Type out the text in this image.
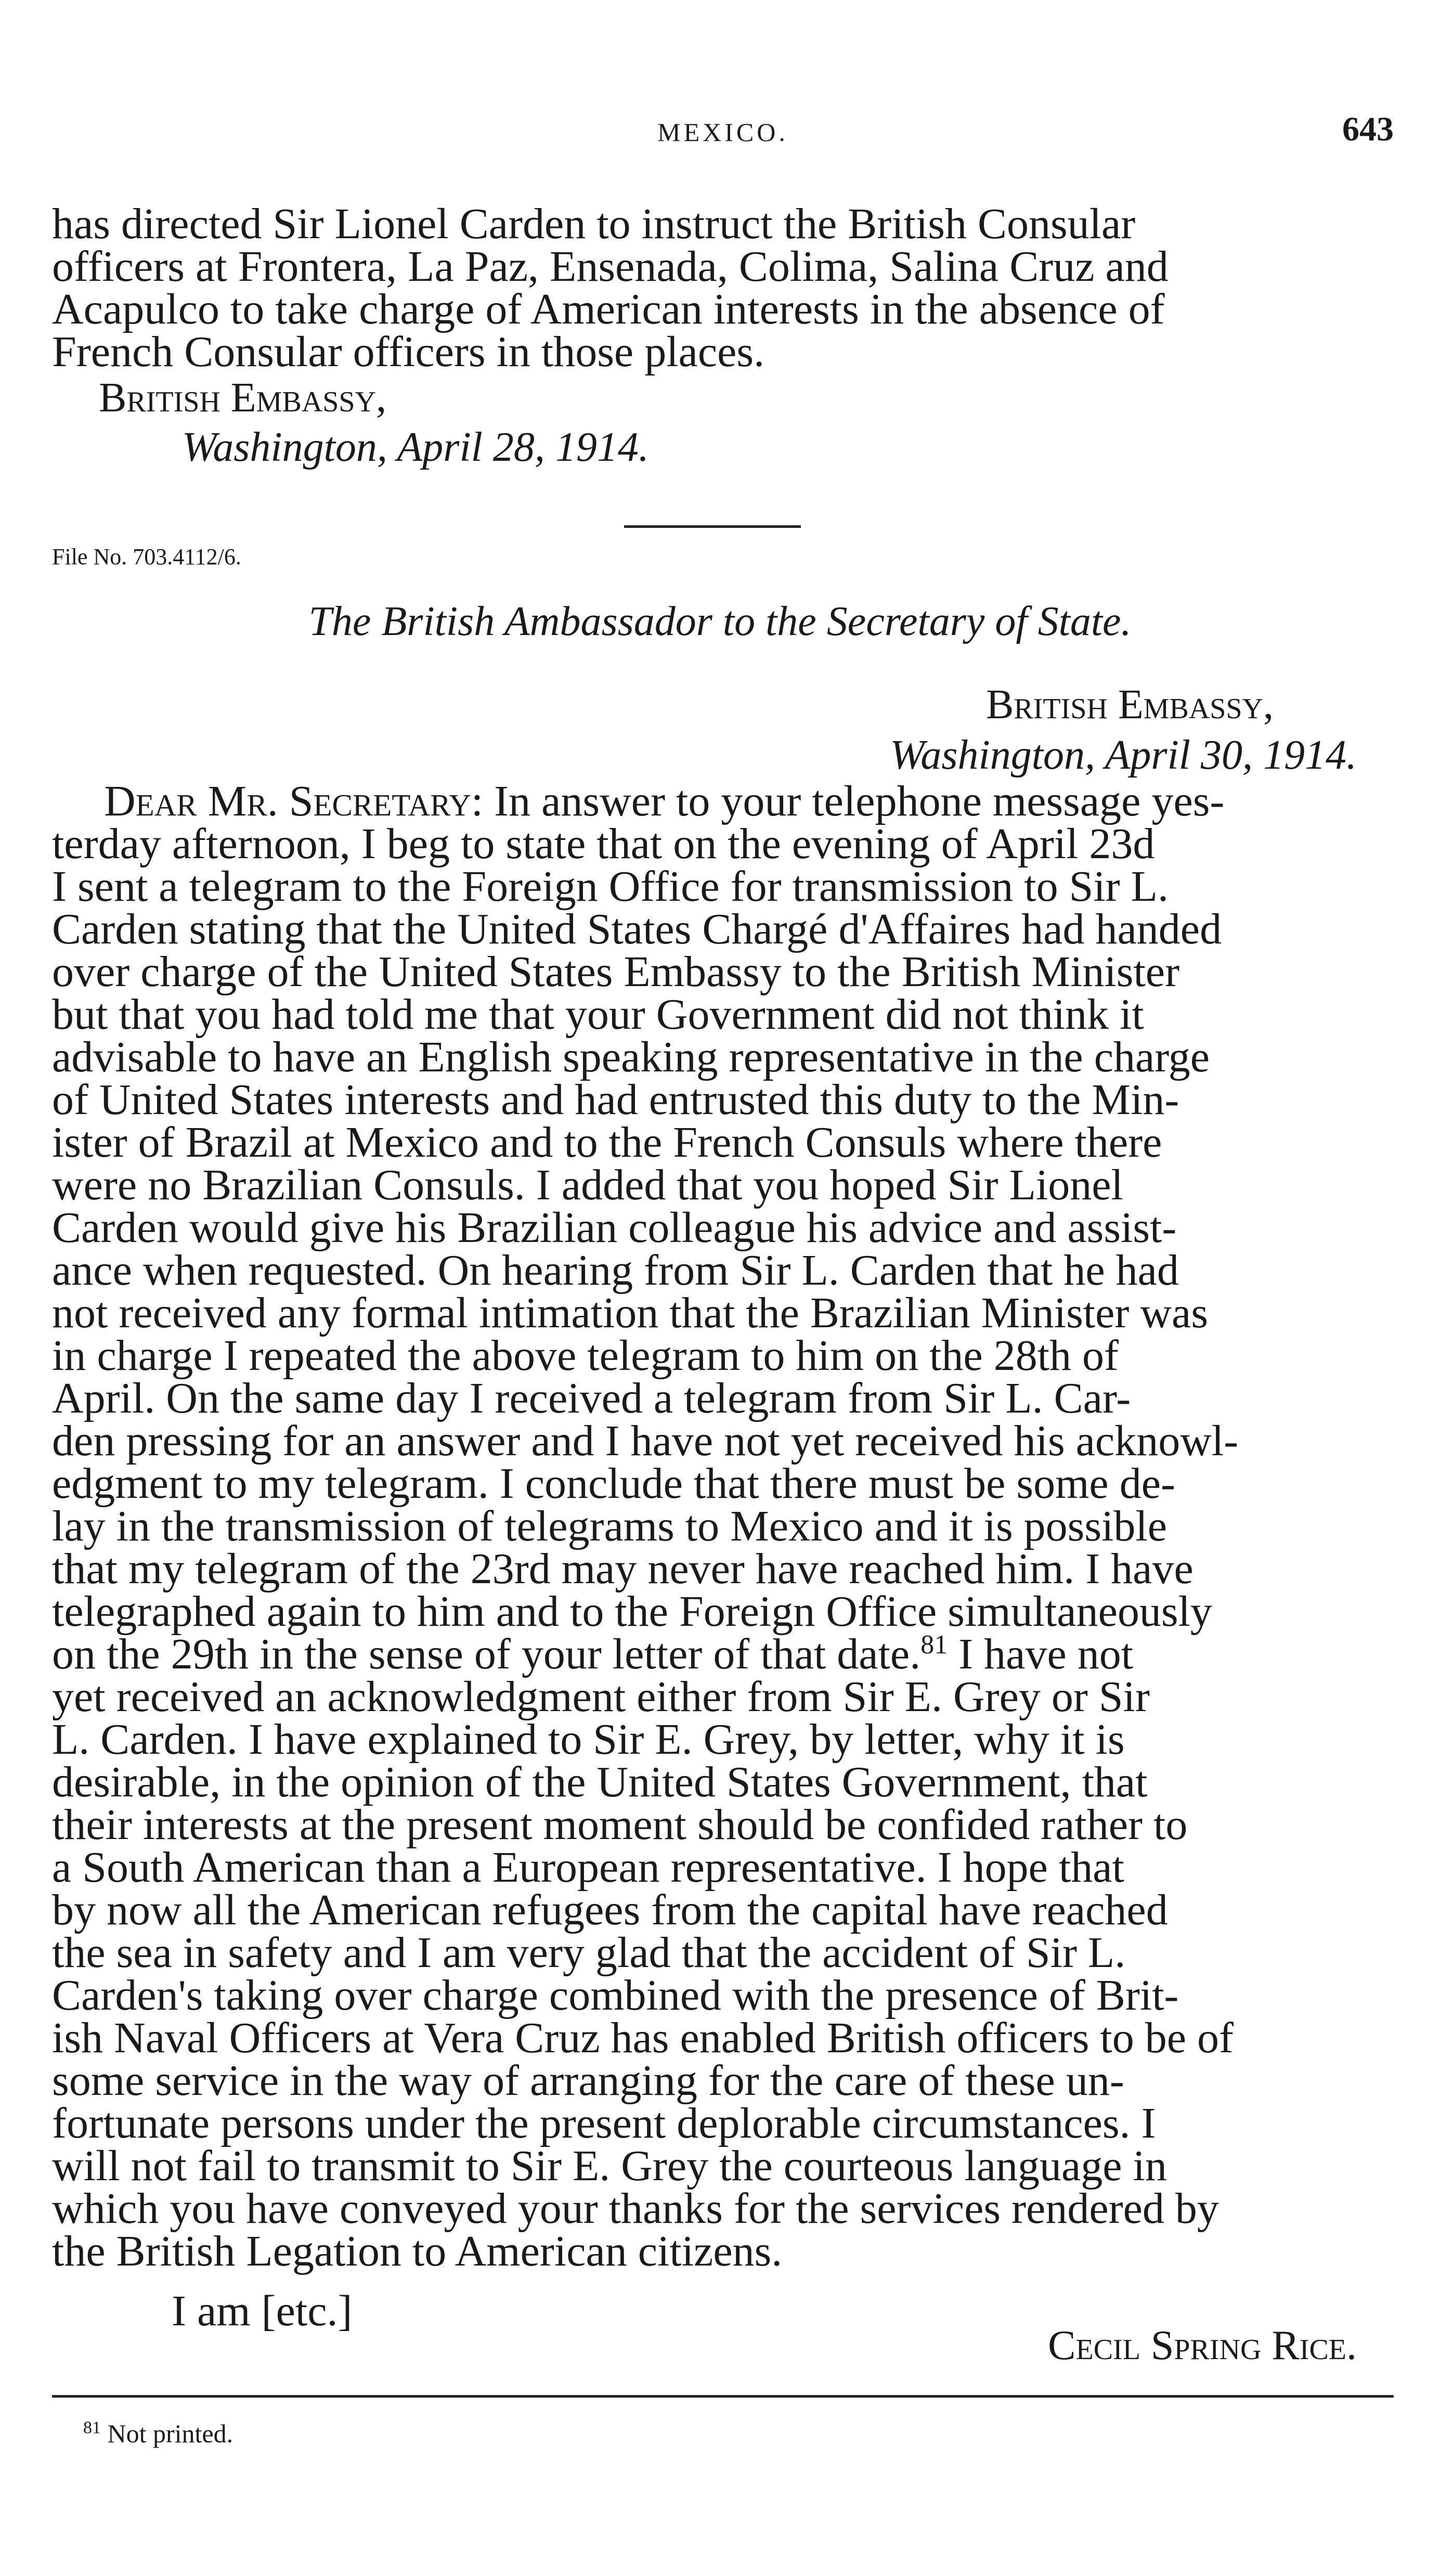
MEXICO.	643
has directed Sir Lionel Carden to instruct the British Consular
officers at Frontera, La Paz, Ensenada, Colima, Salina Cruz and
Acapulco to take charge of American interests in the absence of
French Consular officers in those places.
British Embassy,
Washington, April 28, 1914.
File No. 703.4112/6.
The British Ambassador to the Secretary of State.
British Embassy,
Washington, April 30, 1914.
Dear Mr. Secretary: In answer to your telephone message yes-
terday afternoon, I beg to state that on the evening of April 23d
I sent a telegram to the Foreign Office for transmission to Sir L.
Carden stating that the United States Chargé d'Affaires had handed
over charge of the United States Embassy to the British Minister
but that you had told me that your Government did not think it
advisable to have an English speaking representative in the charge
of United States interests and had entrusted this duty to the Min-
ister of Brazil at Mexico and to the French Consuls where there
were no Brazilian Consuls. I added that you hoped Sir Lionel
Carden would give his Brazilian colleague his advice and assist-
ance when requested. On hearing from Sir L. Carden that he had
not received any formal intimation that the Brazilian Minister was
in charge I repeated the above telegram to him on the 28th of
April. On the same day I received a telegram from Sir L. Car-
den pressing for an answer and I have not yet received his acknowl-
edgment to my telegram. I conclude that there must be some de-
lay in the transmission of telegrams to Mexico and it is possible
that my telegram of the 23rd may never have reached him. I have
telegraphed again to him and to the Foreign Office simultaneously
on the 29th in the sense of your letter of that date.$^{81}$ I have not
yet received an acknowledgment either from Sir E. Grey or Sir
L. Carden. I have explained to Sir E. Grey, by letter, why it is
desirable, in the opinion of the United States Government, that
their interests at the present moment should be confided rather to
a South American than a European representative. I hope that
by now all the American refugees from the capital have reached
the sea in safety and I am very glad that the accident of Sir L.
Carden's taking over charge combined with the presence of Brit-
ish Naval Officers at Vera Cruz has enabled British officers to be of
some service in the way of arranging for the care of these un-
fortunate persons under the present deplorable circumstances. I
will not fail to transmit to Sir E. Grey the courteous language in
which you have conveyed your thanks for the services rendered by
the British Legation to American citizens.
I am [etc.]
Cecil Spring Rice.
$^{81}$ Not printed.
